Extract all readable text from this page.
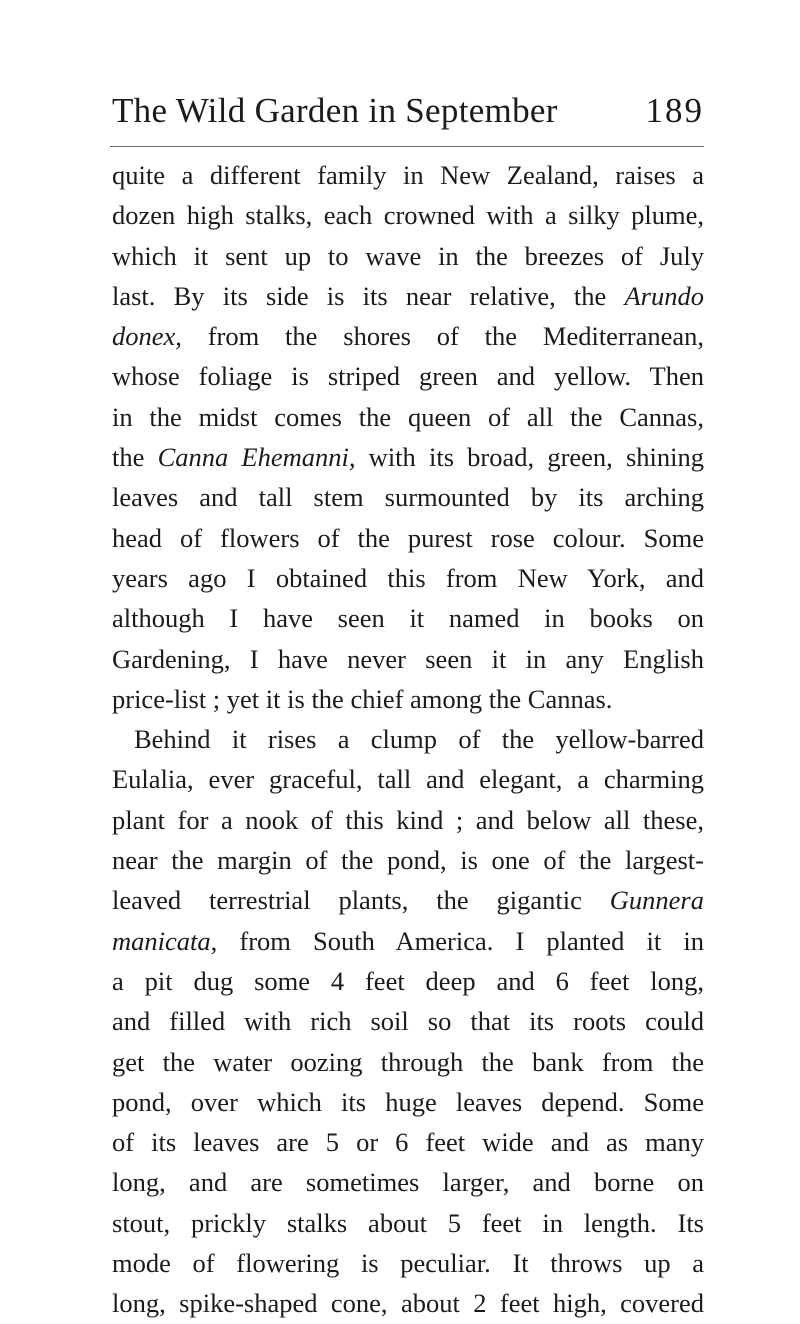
The Wild Garden in September	189
quite a different family in New Zealand, raises a
dozen high stalks, each crowned with a silky plume,
which it sent up to wave in the breezes of July
last. By its side is its near relative, the Arundo
donex, from the shores of the Mediterranean,
whose foliage is striped green and yellow. Then
in the midst comes the queen of all the Cannas,
the Canna Ehemanni, with its broad, green, shining
leaves and tall stem surmounted by its arching
head of flowers of the purest rose colour. Some
years ago I obtained this from New York, and
although I have seen it named in books on
Gardening, I have never seen it in any English
price-list ; yet it is the chief among the Cannas.
Behind it rises a clump of the yellow-barred
Eulalia, ever graceful, tall and elegant, a charming
plant for a nook of this kind ; and below all these,
near the margin of the pond, is one of the largest-
leaved terrestrial plants, the gigantic Gunnera
manicata, from South America. I planted it in
a pit dug some 4 feet deep and 6 feet long,
and filled with rich soil so that its roots could
get the water oozing through the bank from the
pond, over which its huge leaves depend. Some
of its leaves are 5 or 6 feet wide and as many
long, and are sometimes larger, and borne on
stout, prickly stalks about 5 feet in length. Its
mode of flowering is peculiar. It throws up a
long, spike-shaped cone, about 2 feet high, covered
